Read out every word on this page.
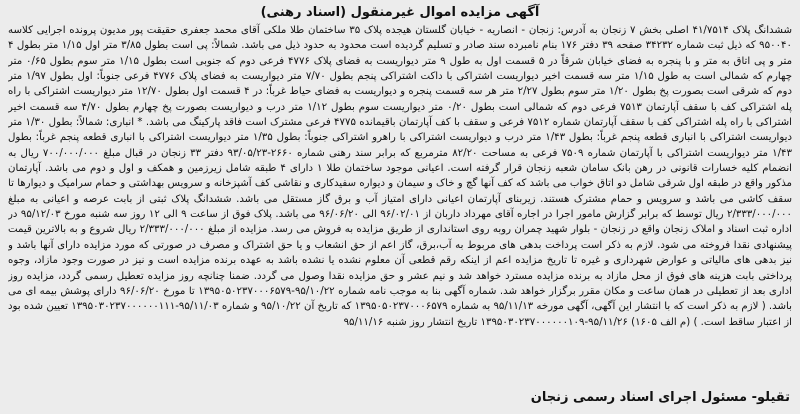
آگهی مزایده اموال غیرمنقول (اسناد رهنی)

ششدانگ پلاک ۴۱/۷۵۱۴ اصلی بخش ۷ زنجان به آدرس: زنجان - انصاریه - خیابان گلستان هیجده پلاک ۳۵ ساختمان طلا ملکی آقای محمد جعفری حقیقت پور مدیون پرونده اجرایی کلاسه ۹۵۰۰۴۰ که ذیل ثبت شماره ۳۴۲۳۲ صفحه ۳۹ دفتر ۱۷۶ بنام نامبرده سند صادر و تسلیم گردیده است محدود به حدود ذیل می باشد. شمالاً: پی است بطول ۳/۸۵ متر اول ۱/۱۵ متر بطول ۴ متر و پی اتاق به متر و با پنجره به فضای خیابان شرقاً در ۵ قسمت اول به طول ۹ متر دیواریست به فضای پلاک ۴۷۷۶ فرعی دوم که جنوبی است بطول ۱/۱۵ متر سوم بطول ۰/۶۵ متر چهارم که شمالی است به طول ۱/۱۵ متر سه قسمت اخیر دیواریست اشتراکی با داکت اشتراکی پنجم بطول ۷/۷۰ متر دیواریست به فضای پلاک ۴۷۷۶ فرعی جنوباً: اول بطول ۱/۹۷ متر دوم که شرقی است بصورت پخ بطول ۱/۲۰ متر سوم بطول ۲/۲۷ متر هر سه قسمت پنجره و دیواریست به فضای حیاط غرباً: در ۴ قسمت اول بطول ۱۲/۷۰ متر دیواریست اشتراکی با راه پله اشتراکی کف با سقف آپارتمان ۷۵۱۳ فرعی دوم که شمالی است بطول ۰/۲۰ متر دیواریست سوم بطول ۱/۱۲ متر درب و دیواریست بصورت پخ چهارم بطول ۴/۷۰ سه قسمت اخیر اشتراکی با راه پله اشتراکی کف با سقف آپارتمان شماره ۷۵۱۲ فرعی و سقف با کف آپارتمان باقیمانده ۴۷۷۵ فرعی مشترک است فاقد پارکینگ می باشد. * انباری: شمالاً: بطول ۱/۳۰ متر دیواریست اشتراکی با انباری قطعه پنجم غرباً: بطول ۱/۴۳ متر درب و دیواریست اشتراکی با راهرو اشتراکی جنوباً: بطول ۱/۳۵ متر دیواریست اشتراکی با انباری قطعه پنجم غرباً: بطول ۱/۴۳ متر دیواریست اشتراکی با آپارتمان شماره ۷۵۰۹ فرعی به مساحت ۸۲/۲۰ مترمربع که برابر سند رهنی شماره ۲۶۶۰-۹۳/۰۵/۲۳ دفتر ۳۳ زنجان در قبال مبلغ ۷۰۰/۰۰۰/۰۰۰ ریال به انضمام کلیه خسارات قانونی در رهن بانک سامان شعبه زنجان قرار گرفته است. اعیانی موجود ساختمان طلا ۱ دارای ۴ طبقه شامل زیرزمین و همکف و اول و دوم می باشد. آپارتمان مذکور واقع در طبقه اول شرقی شامل دو اتاق خواب می باشد که کف آنها گچ و خاک و سیمان و دیواره سفیدکاری و نقاشی کف آشپزخانه و سرویس بهداشتی و حمام سرامیک و دیوارها تا سقف کاشی می باشد و سرویس و حمام مشترک هستند. زیربنای آپارتمان اعیانی دارای امتیاز آب و برق گاز مستقل می باشد. ششدانگ پلاک ثبتی از بابت عرصه و اعیانی به مبلغ ۲/۳۳۳/۰۰۰/۰۰۰ ریال توسط که برابر گزارش مامور اجرا در اجاره آقای مهرداد داربان از ۹۶/۰۲/۰۱ الی ۹۶/۰۶/۲۰ می باشد. پلاک فوق از ساعت ۹ الی ۱۲ روز سه شنبه مورخ ۹۵/۱۲/۰۳ در اداره ثبت اسناد و املاک زنجان واقع در زنجان - بلوار شهید چمران روبه روی استانداری از طریق مزایده به فروش می رسد. مزایده از مبلغ ۲/۳۳۳/۰۰۰/۰۰۰ ریال شروع و به بالاترین قیمت پیشنهادی نقدا فروخته می شود. لازم به ذکر است پرداخت بدهی های مربوط به آب،برق، گاز اعم از حق انشعاب و یا حق اشتراک و مصرف در صورتی که مورد مزایده دارای آنها باشد و نیز بدهی های مالیاتی و عوارض شهرداری و غیره تا تاریخ مزایده اعم از اینکه رقم قطعی آن معلوم نشده یا نشده باشد به عهده برنده مزایده است و نیز در صورت وجود مازاد، وجوه پرداختی بابت هزینه های فوق از محل مازاد به برنده مزایده مسترد خواهد شد و نیم عشر و حق مزایده نقدا وصول می گردد. ضمنا چنانچه روز مزایده تعطیل رسمی گردد، مزایده روز اداری بعد از تعطیلی در همان ساعت و مکان مقرر برگزار خواهد شد. شماره آگهی بنا به موجب نامه شماره ۹۵/۱۰/۲۲-۱۳۹۵۰۵۰۲۳۷۰۰۰۶۵۷۹ تا مورخ ۹۶/۰۶/۲۰ دارای پوشش بیمه ای می باشد. ( لازم به ذکر است که با انتشار این آگهی، آگهی مورخه ۹۵/۱۱/۱۳ به شماره ۱۳۹۵۰۵۰۲۳۷۰۰۰۶۵۷۹ که تاریخ آن ۹۵/۱۰/۲۲ و شماره ۹۵/۱۱/۰۳-۱۳۹۵۰۳۰۲۳۷۰۰۰۰۰۰۱۱۱ تعیین شده بود از اعتبار ساقط است. ) (م الف ۱۶۰۵) ۹۵/۱۱/۲۶-۱۳۹۵۰۳۰۲۳۷۰۰۰۰۰۰۱۰۹ تاریخ انتشار روز شنبه ۹۵/۱۱/۱۶

تقیلو- مسئول اجرای اسناد رسمی زنجان
